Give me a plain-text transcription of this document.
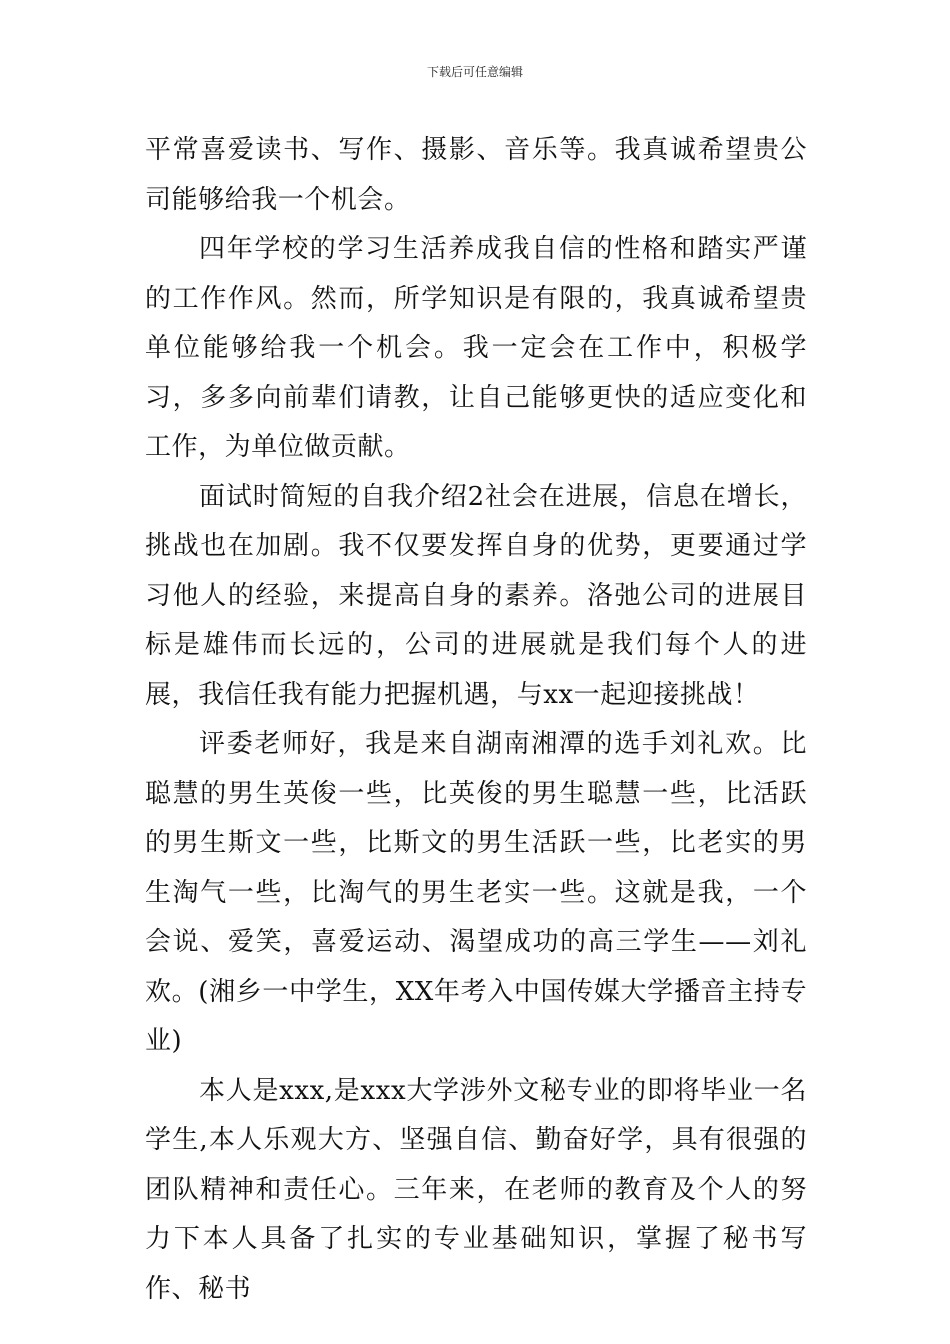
下载后可任意编辑

平常喜爱读书、写作、摄影、音乐等。我真诚希望贵公司能够给我一个机会。

四年学校的学习生活养成我自信的性格和踏实严谨的工作作风。然而，所学知识是有限的，我真诚希望贵单位能够给我一个机会。我一定会在工作中，积极学习，多多向前辈们请教，让自己能够更快的适应变化和工作，为单位做贡献。

面试时简短的自我介绍2社会在进展，信息在增长，挑战也在加剧。我不仅要发挥自身的优势，更要通过学习他人的经验，来提高自身的素养。洛弛公司的进展目标是雄伟而长远的，公司的进展就是我们每个人的进展，我信任我有能力把握机遇，与xx一起迎接挑战！

评委老师好，我是来自湖南湘潭的选手刘礼欢。比聪慧的男生英俊一些，比英俊的男生聪慧一些，比活跃的男生斯文一些，比斯文的男生活跃一些，比老实的男生淘气一些，比淘气的男生老实一些。这就是我，一个会说、爱笑，喜爱运动、渴望成功的高三学生——刘礼欢。(湘乡一中学生，XX年考入中国传媒大学播音主持专业)

本人是xxx,是xxx大学涉外文秘专业的即将毕业一名学生,本人乐观大方、坚强自信、勤奋好学，具有很强的团队精神和责任心。三年来，在老师的教育及个人的努力下本人具备了扎实的专业基础知识，掌握了秘书写作、秘书
